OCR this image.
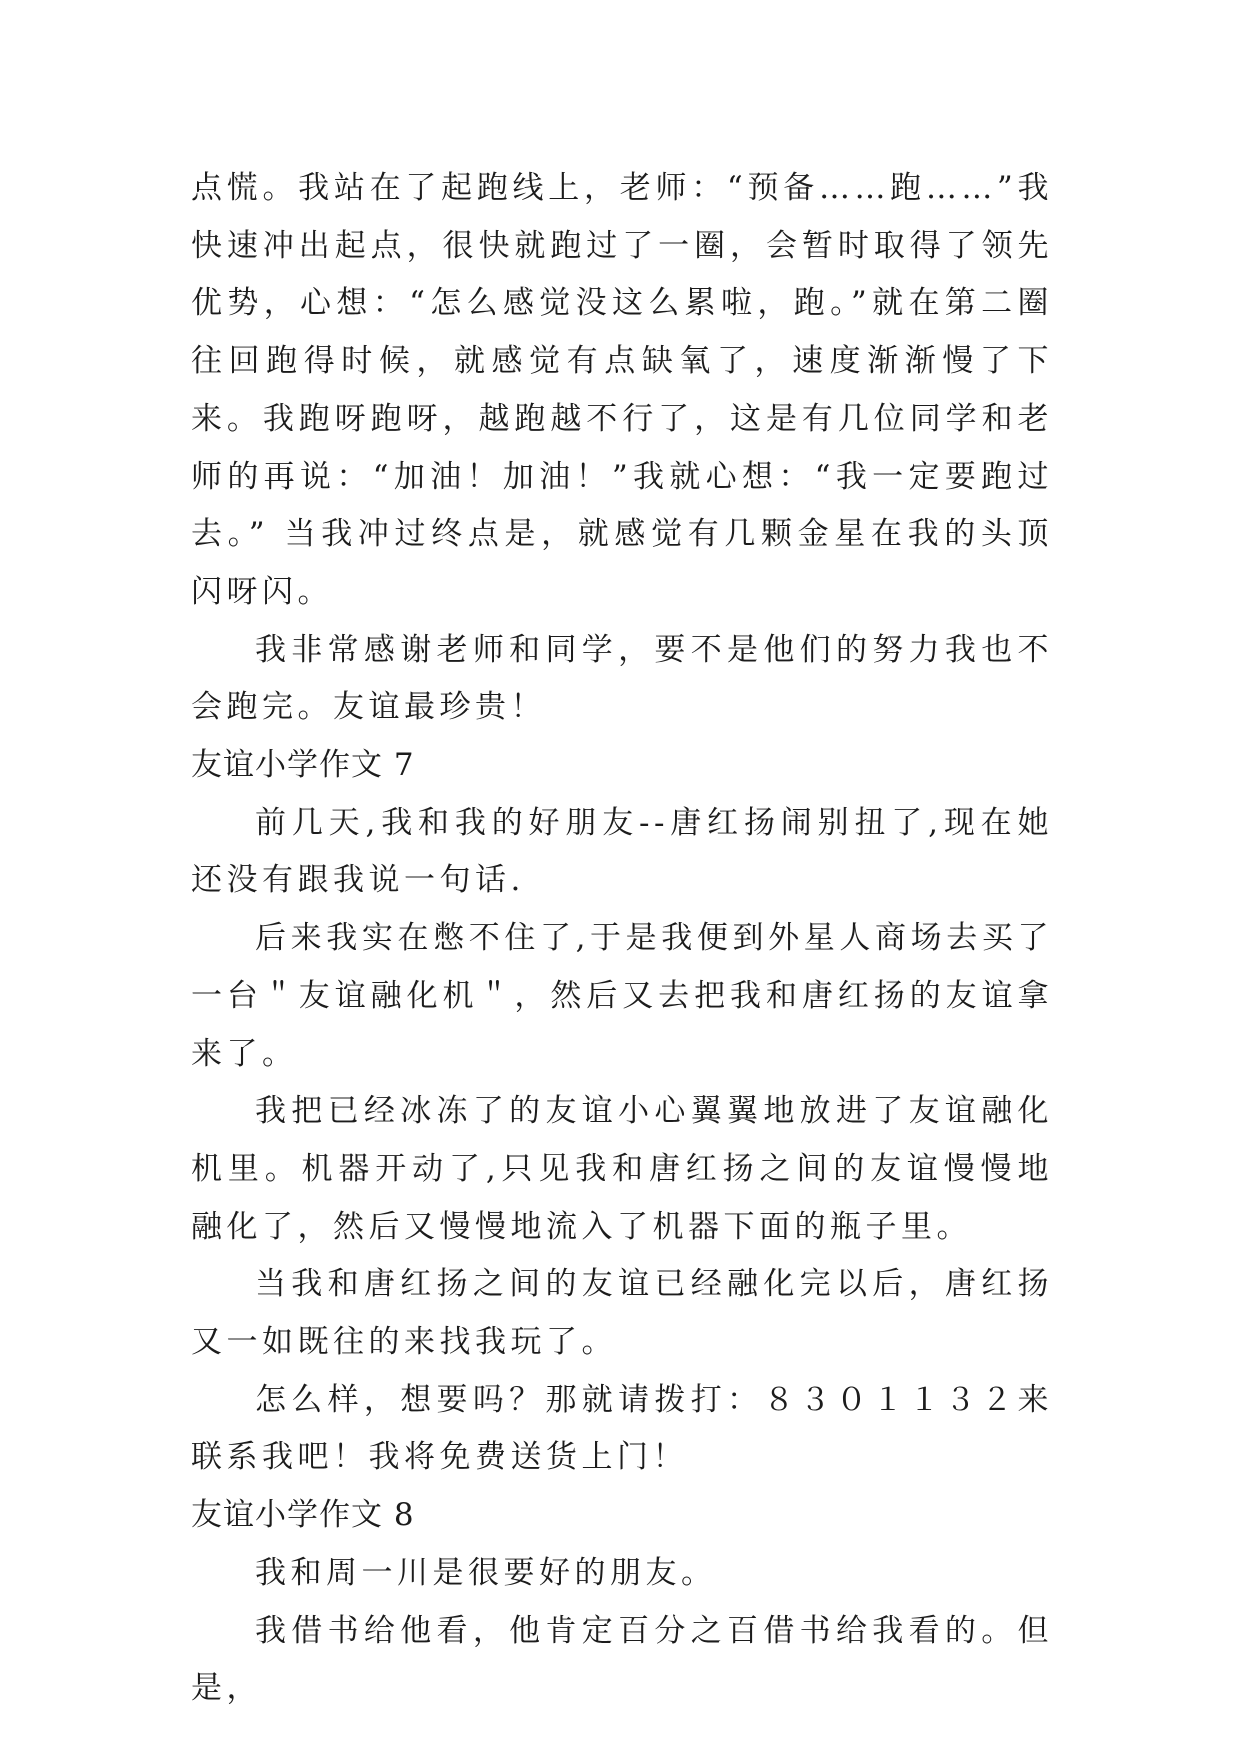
点慌。我站在了起跑线上，老师：“预备……跑……”我快速冲出起点，很快就跑过了一圈，会暂时取得了领先优势，心想：“怎么感觉没这么累啦，跑。”就在第二圈往回跑得时候，就感觉有点缺氧了，速度渐渐慢了下来。我跑呀跑呀，越跑越不行了，这是有几位同学和老师的再说：“加油！加油！”我就心想：“我一定要跑过去。” 当我冲过终点是，就感觉有几颗金星在我的头顶闪呀闪。

我非常感谢老师和同学，要不是他们的努力我也不会跑完。友谊最珍贵！

友谊小学作文 7

前几天,我和我的好朋友--唐红扬闹别扭了,现在她还没有跟我说一句话.

后来我实在憋不住了,于是我便到外星人商场去买了一台＂友谊融化机＂，然后又去把我和唐红扬的友谊拿来了。

我把已经冰冻了的友谊小心翼翼地放进了友谊融化机里。机器开动了,只见我和唐红扬之间的友谊慢慢地融化了，然后又慢慢地流入了机器下面的瓶子里。

当我和唐红扬之间的友谊已经融化完以后，唐红扬又一如既往的来找我玩了。

怎么样，想要吗？那就请拨打：８３０１１３２来联系我吧！我将免费送货上门！

友谊小学作文 8

我和周一川是很要好的朋友。

我借书给他看，他肯定百分之百借书给我看的。但是，
